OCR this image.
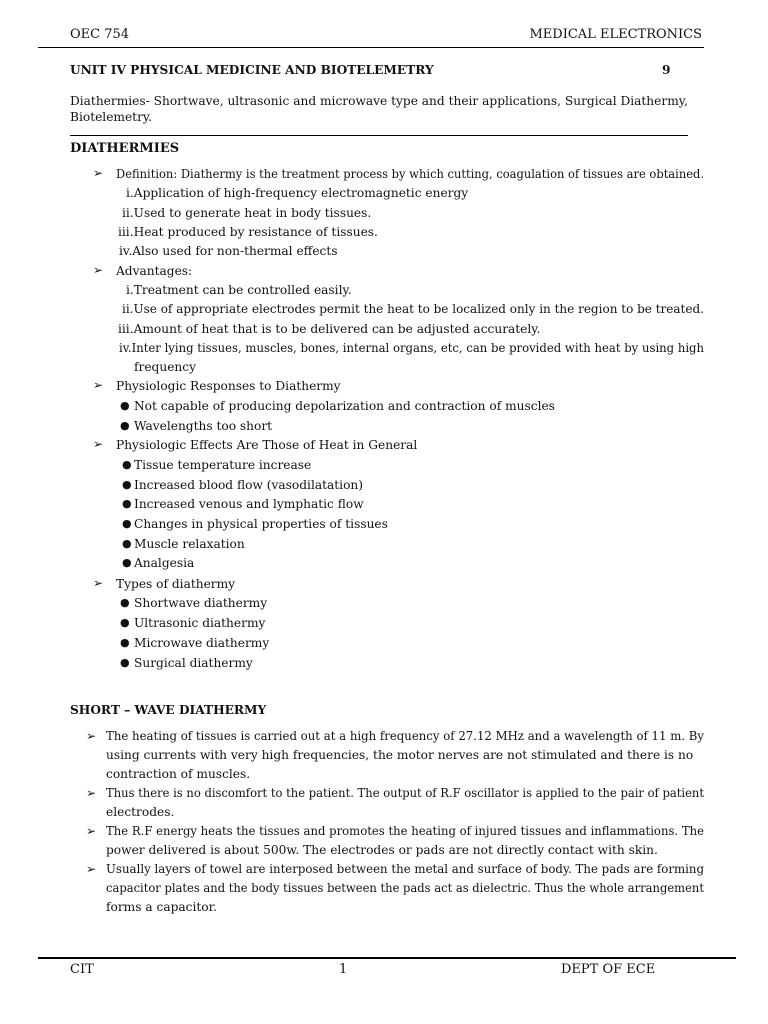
OEC 754	MEDICAL ELECTRONICS
UNIT IV PHYSICAL MEDICINE AND BIOTELEMETRY	9
Diathermies- Shortwave, ultrasonic and microwave type and their applications, Surgical Diathermy,
Biotelemetry.
DIATHERMIES
➢ Definition: Diathermy is the treatment process by which cutting, coagulation of tissues are obtained.
i.Application of high-frequency electromagnetic energy
ii.Used to generate heat in body tissues.
iii.Heat produced by resistance of tissues.
iv.Also used for non-thermal effects
➢ Advantages:
i.Treatment can be controlled easily.
ii.Use of appropriate electrodes permit the heat to be localized only in the region to be treated.
iii.Amount of heat that is to be delivered can be adjusted accurately.
iv.Inter lying tissues, muscles, bones, internal organs, etc, can be provided with heat by using high
frequency
➢ Physiologic Responses to Diathermy
● Not capable of producing depolarization and contraction of muscles
● Wavelengths too short
➢ Physiologic Effects Are Those of Heat in General
● Tissue temperature increase
● Increased blood flow (vasodilatation)
● Increased venous and lymphatic flow
● Changes in physical properties of tissues
● Muscle relaxation
● Analgesia
➢ Types of diathermy
● Shortwave diathermy
● Ultrasonic diathermy
● Microwave diathermy
● Surgical diathermy
SHORT – WAVE DIATHERMY
➢ The heating of tissues is carried out at a high frequency of 27.12 MHz and a wavelength of 11 m. By
using currents with very high frequencies, the motor nerves are not stimulated and there is no
contraction of muscles.
➢ Thus there is no discomfort to the patient. The output of R.F oscillator is applied to the pair of patient
electrodes.
➢ The R.F energy heats the tissues and promotes the heating of injured tissues and inflammations. The
power delivered is about 500w. The electrodes or pads are not directly contact with skin.
➢ Usually layers of towel are interposed between the metal and surface of body. The pads are forming
capacitor plates and the body tissues between the pads act as dielectric. Thus the whole arrangement
forms a capacitor.
CIT	1	DEPT OF ECE
